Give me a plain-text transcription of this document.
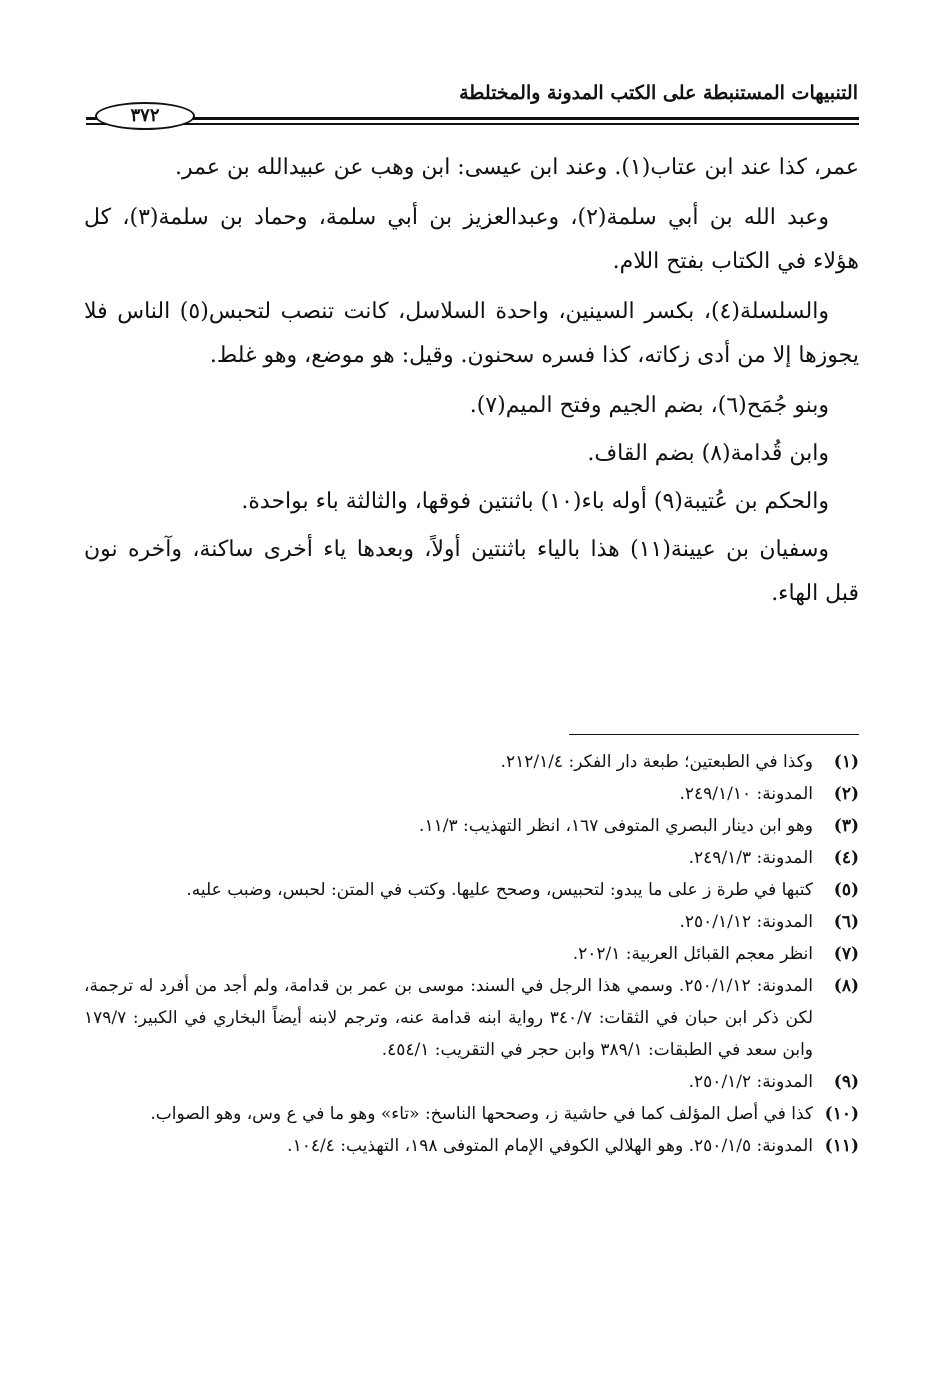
التنبيهات المستنبطة على الكتب المدونة والمختلطة
٣٧٢

عمر، كذا عند ابن عتاب(١). وعند ابن عيسى: ابن وهب عن عبيدالله بن عمر.

وعبد الله بن أبي سلمة(٢)، وعبدالعزيز بن أبي سلمة، وحماد بن سلمة(٣)، كل هؤلاء في الكتاب بفتح اللام.

والسلسلة(٤)، بكسر السينين، واحدة السلاسل، كانت تنصب لتحبس(٥) الناس فلا يجوزها إلا من أدى زكاته، كذا فسره سحنون. وقيل: هو موضع، وهو غلط.

وبنو جُمَح(٦)، بضم الجيم وفتح الميم(٧).

وابن قُدامة(٨) بضم القاف.

والحكم بن عُتيبة(٩) أوله باء(١٠) باثنتين فوقها، والثالثة باء بواحدة.

وسفيان بن عيينة(١١) هذا بالياء باثنتين أولاً، وبعدها ياء أخرى ساكنة، وآخره نون قبل الهاء.

(١)
وكذا في الطبعتين؛ طبعة دار الفكر: ٢١٢/١/٤.
(٢)
المدونة: ٢٤٩/١/١٠.
(٣)
وهو ابن دينار البصري المتوفى ١٦٧، انظر التهذيب: ١١/٣.
(٤)
المدونة: ٢٤٩/١/٣.
(٥)
كتبها في طرة ز على ما يبدو: لتحبيس، وصحح عليها. وكتب في المتن: لحبس، وضبب عليه.
(٦)
المدونة: ٢٥٠/١/١٢.
(٧)
انظر معجم القبائل العربية: ٢٠٢/١.
(٨)
المدونة: ٢٥٠/١/١٢. وسمي هذا الرجل في السند: موسى بن عمر بن قدامة، ولم أجد من أفرد له ترجمة، لكن ذكر ابن حبان في الثقات: ٣٤٠/٧ رواية ابنه قدامة عنه، وترجم لابنه أيضاً البخاري في الكبير: ١٧٩/٧ وابن سعد في الطبقات: ٣٨٩/١ وابن حجر في التقريب: ٤٥٤/١.
(٩)
المدونة: ٢٥٠/١/٢.
(١٠)
كذا في أصل المؤلف كما في حاشية ز، وصححها الناسخ: «تاء» وهو ما في ع وس، وهو الصواب.
(١١)
المدونة: ٢٥٠/١/٥. وهو الهلالي الكوفي الإمام المتوفى ١٩٨، التهذيب: ١٠٤/٤.
